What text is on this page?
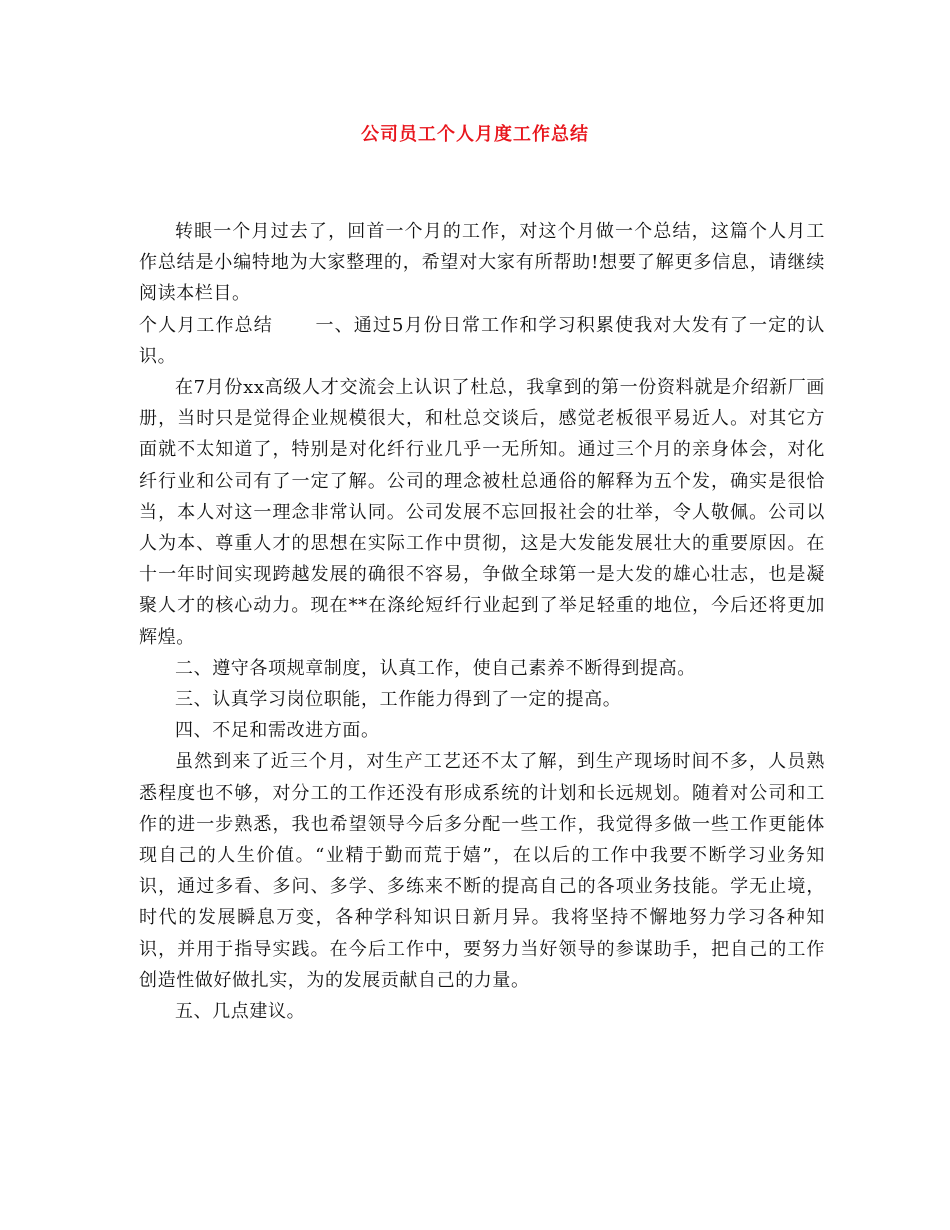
公司员工个人月度工作总结

转眼一个月过去了，回首一个月的工作，对这个月做一个总结，这篇个人月工作总结是小编特地为大家整理的，希望对大家有所帮助!想要了解更多信息，请继续阅读本栏目。

个人月工作总结 一、通过5月份日常工作和学习积累使我对大发有了一定的认识。

在7月份xx高级人才交流会上认识了杜总，我拿到的第一份资料就是介绍新厂画册，当时只是觉得企业规模很大，和杜总交谈后，感觉老板很平易近人。对其它方面就不太知道了，特别是对化纤行业几乎一无所知。通过三个月的亲身体会，对化纤行业和公司有了一定了解。公司的理念被杜总通俗的解释为五个发，确实是很恰当，本人对这一理念非常认同。公司发展不忘回报社会的壮举，令人敬佩。公司以人为本、尊重人才的思想在实际工作中贯彻，这是大发能发展壮大的重要原因。在十一年时间实现跨越发展的确很不容易，争做全球第一是大发的雄心壮志，也是凝聚人才的核心动力。现在**在涤纶短纤行业起到了举足轻重的地位，今后还将更加辉煌。

二、遵守各项规章制度，认真工作，使自己素养不断得到提高。

三、认真学习岗位职能，工作能力得到了一定的提高。

四、不足和需改进方面。

虽然到来了近三个月，对生产工艺还不太了解，到生产现场时间不多，人员熟悉程度也不够，对分工的工作还没有形成系统的计划和长远规划。随着对公司和工作的进一步熟悉，我也希望领导今后多分配一些工作，我觉得多做一些工作更能体现自己的人生价值。“业精于勤而荒于嬉”，在以后的工作中我要不断学习业务知识，通过多看、多问、多学、多练来不断的提高自己的各项业务技能。学无止境，时代的发展瞬息万变，各种学科知识日新月异。我将坚持不懈地努力学习各种知识，并用于指导实践。在今后工作中，要努力当好领导的参谋助手，把自己的工作创造性做好做扎实，为的发展贡献自己的力量。

五、几点建议。
